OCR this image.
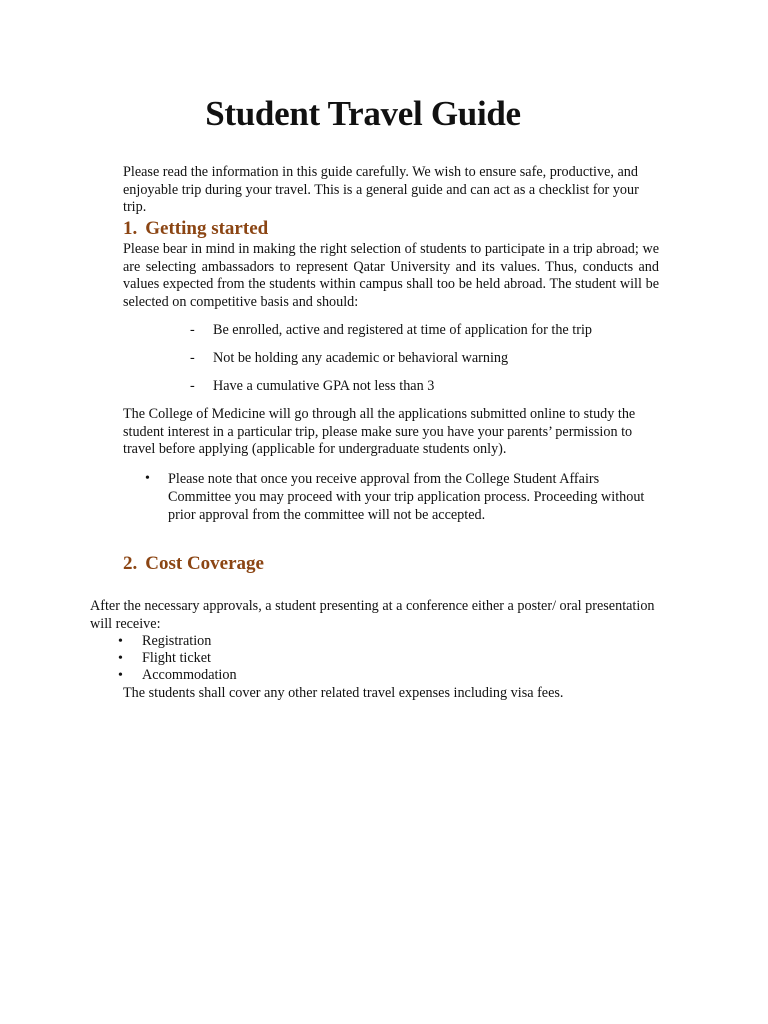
Student Travel Guide

Please read the information in this guide carefully. We wish to ensure safe, productive, and enjoyable trip during your travel. This is a general guide and can act as a checklist for your trip.

1. Getting started

Please bear in mind in making the right selection of students to participate in a trip abroad; we are selecting ambassadors to represent Qatar University and its values. Thus, conducts and values expected from the students within campus shall too be held abroad. The student will be selected on competitive basis and should:

-	Be enrolled, active and registered at time of application for the trip
-	Not be holding any academic or behavioral warning
-	Have a cumulative GPA not less than 3

The College of Medicine will go through all the applications submitted online to study the student interest in a particular trip, please make sure you have your parents’ permission to travel before applying (applicable for undergraduate students only).

•	Please note that once you receive approval from the College Student Affairs Committee you may proceed with your trip application process. Proceeding without prior approval from the committee will not be accepted.
2. Cost Coverage

After the necessary approvals, a student presenting at a conference either a poster/ oral presentation will receive:

•	Registration
•	Flight ticket
•	Accommodation

The students shall cover any other related travel expenses including visa fees.
